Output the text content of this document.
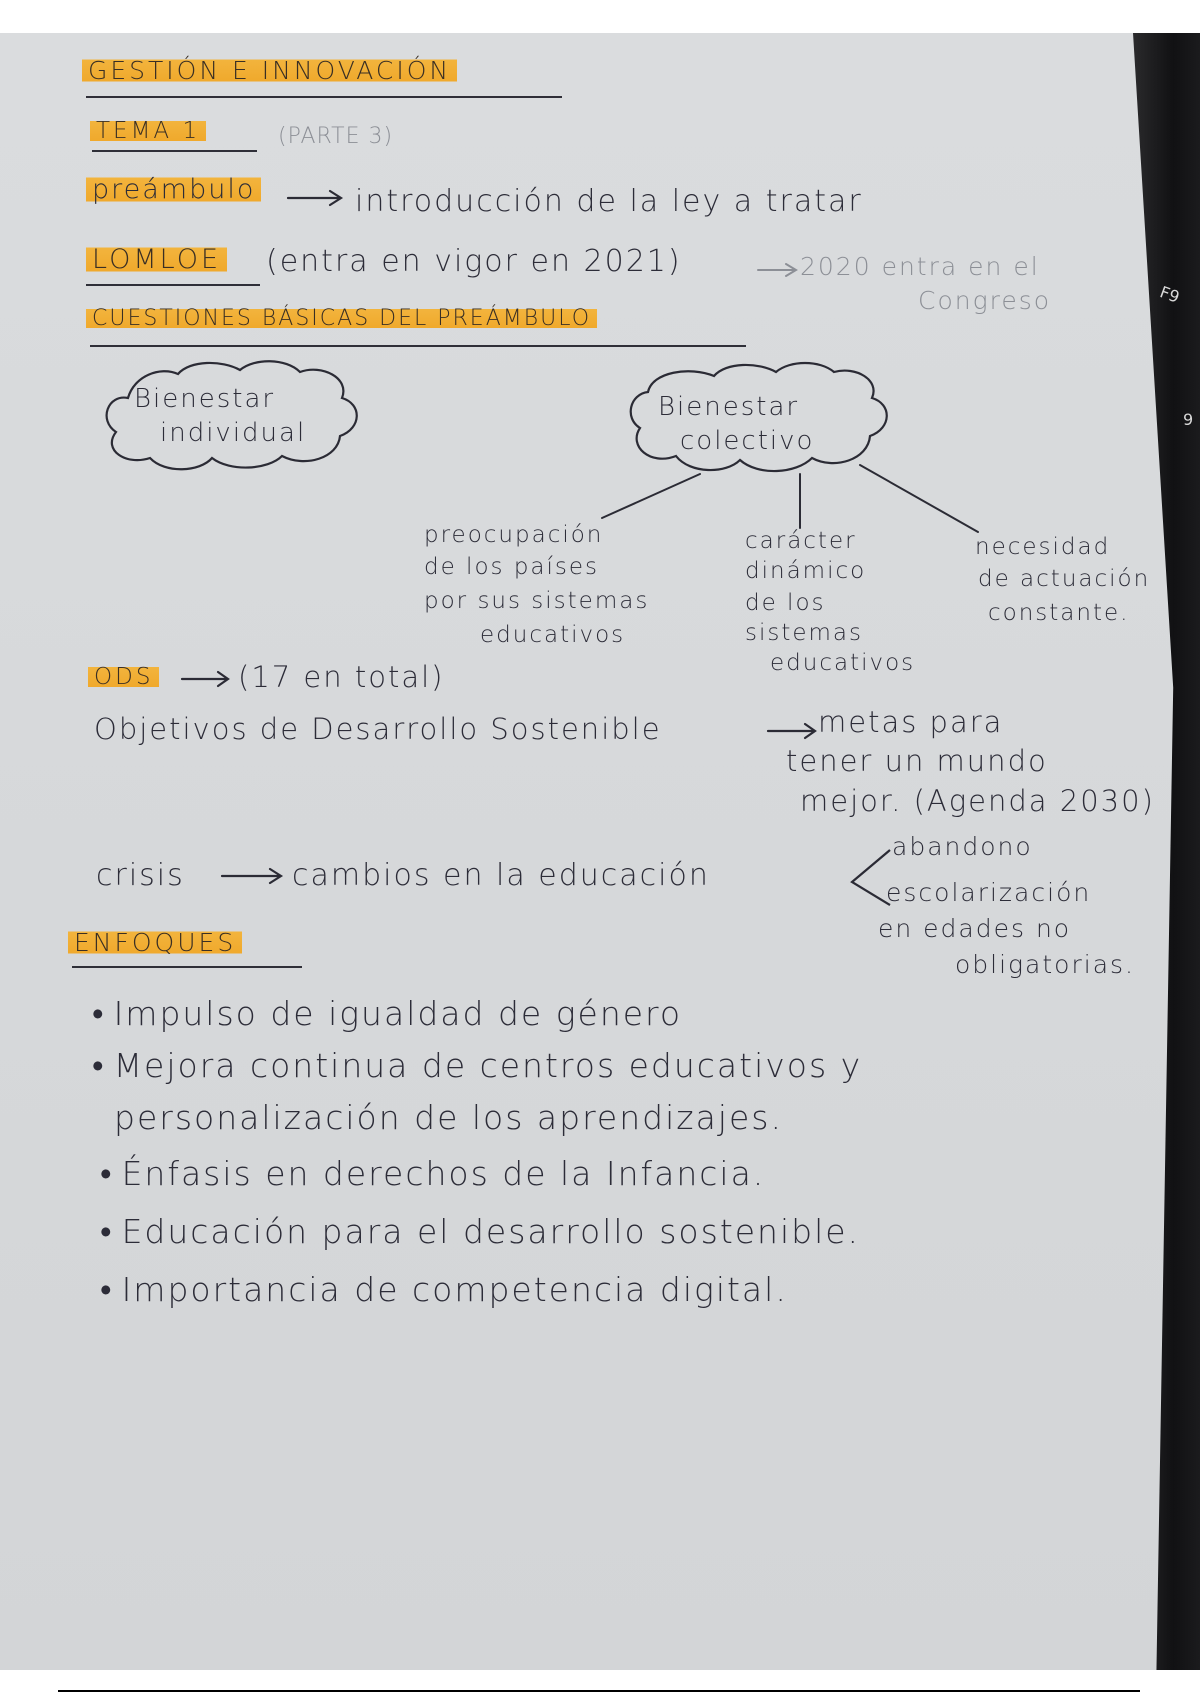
F9
9
GESTIÓN E INNOVACIÓN
TEMA 1	(PARTE 3)
preámbulo	introducción de la ley a tratar
LOMLOE (entra en vigor en 2021)	2020 entra en el
Congreso
CUESTIONES BÁSICAS DEL PREÁMBULO
Bienestar
individual
Bienestar
colectivo
preocupación
de los países
por sus sistemas
educativos
carácter
dinámico
de los
sistemas
educativos
necesidad
de actuación
constante.
ODS	(17 en total)
Objetivos de Desarrollo Sostenible	metas para
tener un mundo
mejor. (Agenda 2030)
crisis	cambios en la educación
abandono
escolarización
en edades no
obligatorias.
ENFOQUES
• Impulso de igualdad de género
• Mejora continua de centros educativos y
personalización de los aprendizajes.
• Énfasis en derechos de la Infancia.
• Educación para el desarrollo sostenible.
• Importancia de competencia digital.
